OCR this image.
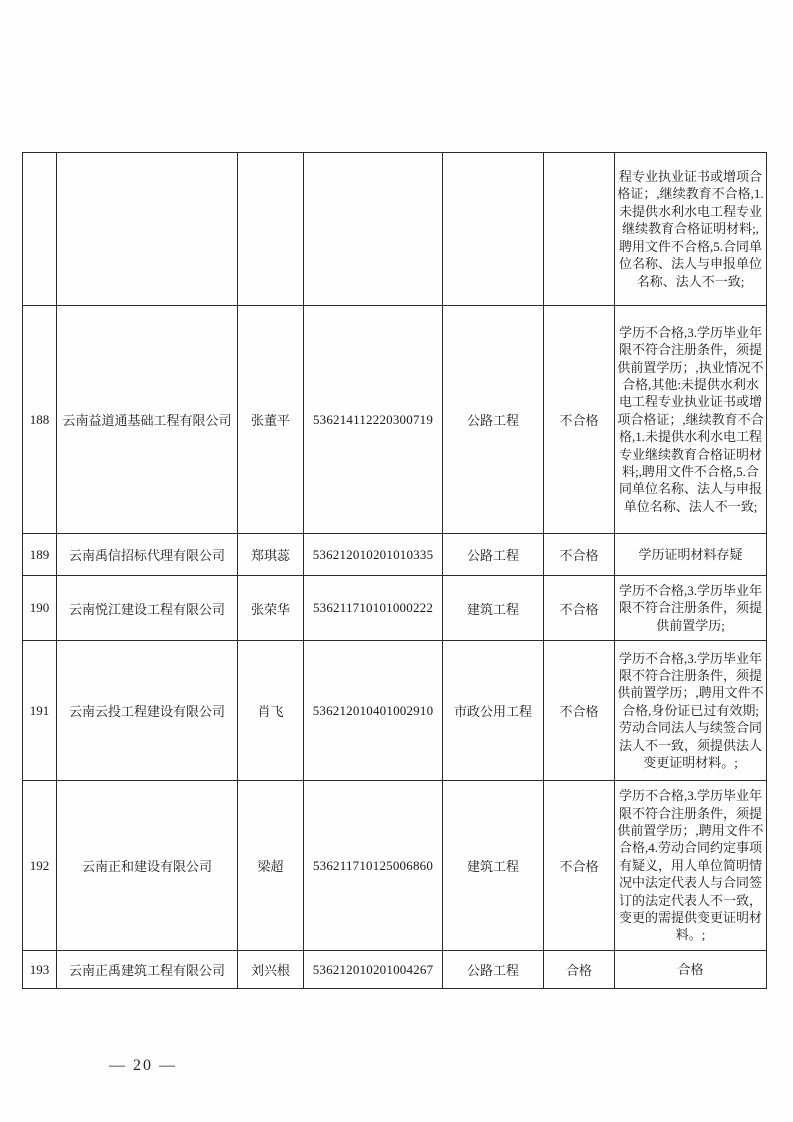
						程专业执业证书或增项合格证；,继续教育不合格,1.未提供水利水电工程专业继续教育合格证明材料;,聘用文件不合格,5.合同单位名称、法人与申报单位名称、法人不一致;
188	云南益道通基础工程有限公司	张董平	536214112220300719	公路工程	不合格	学历不合格,3.学历毕业年限不符合注册条件，须提供前置学历；,执业情况不合格,其他:未提供水利水电工程专业执业证书或增项合格证；,继续教育不合格,1.未提供水利水电工程专业继续教育合格证明材料;,聘用文件不合格,5.合同单位名称、法人与申报单位名称、法人不一致;
189	云南禹信招标代理有限公司	郑琪蕊	536212010201010335	公路工程	不合格	学历证明材料存疑
190	云南悦江建设工程有限公司	张荣华	536211710101000222	建筑工程	不合格	学历不合格,3.学历毕业年限不符合注册条件，须提供前置学历;
191	云南云投工程建设有限公司	肖飞	536212010401002910	市政公用工程	不合格	学历不合格,3.学历毕业年限不符合注册条件，须提供前置学历；,聘用文件不合格,身份证已过有效期;劳动合同法人与续签合同法人不一致，须提供法人变更证明材料。;
192	云南正和建设有限公司	梁超	536211710125006860	建筑工程	不合格	学历不合格,3.学历毕业年限不符合注册条件，须提供前置学历；,聘用文件不合格,4.劳动合同约定事项有疑义，用人单位简明情况中法定代表人与合同签订的法定代表人不一致，变更的需提供变更证明材料。;
193	云南正禹建筑工程有限公司	刘兴根	536212010201004267	公路工程	合格	合格
— 20 —
